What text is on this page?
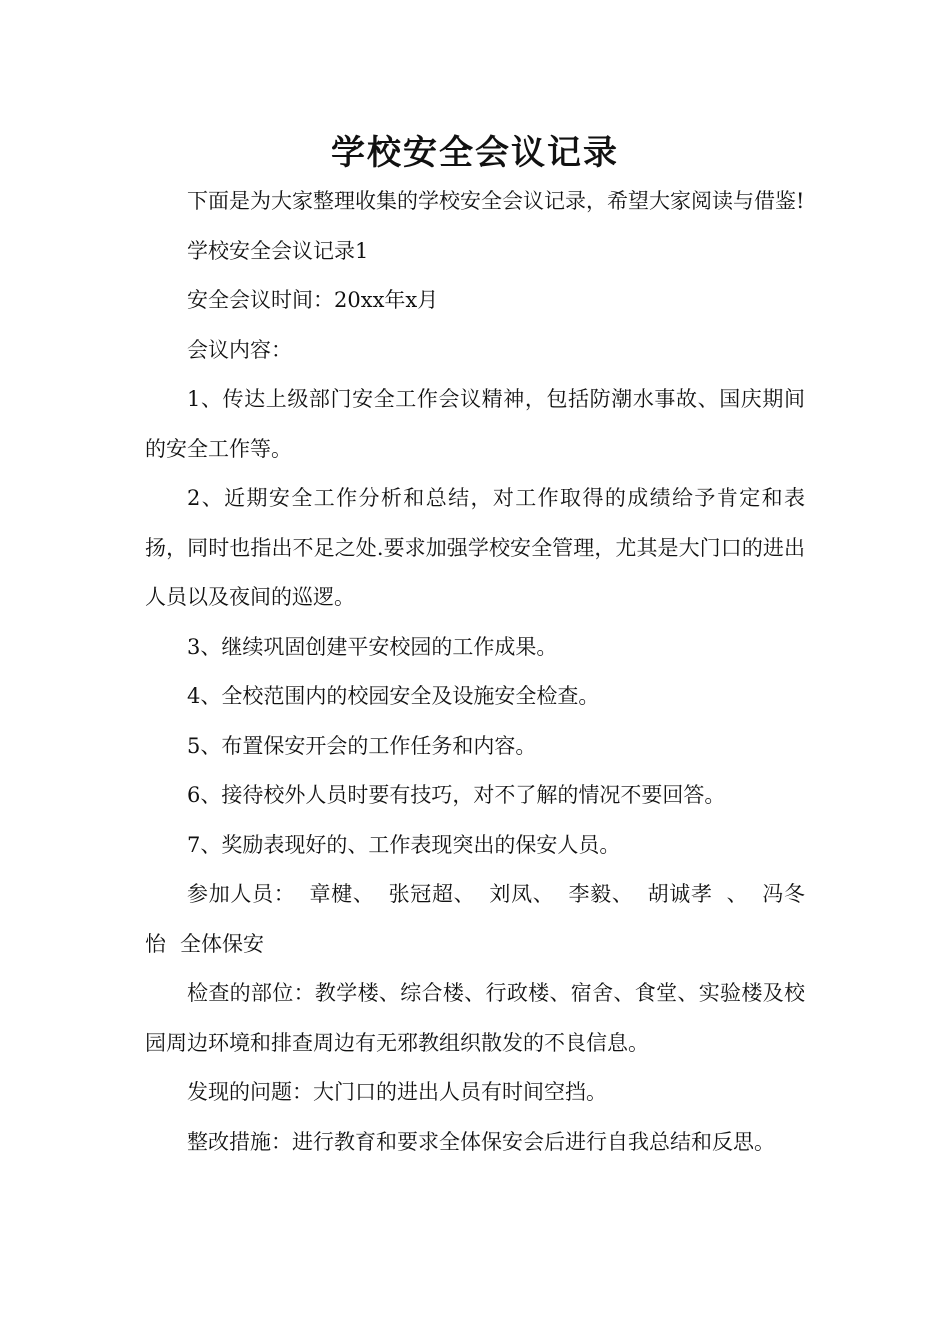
学校安全会议记录

下面是为大家整理收集的学校安全会议记录，希望大家阅读与借鉴!

学校安全会议记录1

安全会议时间：20xx年x月

会议内容：

1、传达上级部门安全工作会议精神，包括防潮水事故、国庆期间的安全工作等。

2、近期安全工作分析和总结，对工作取得的成绩给予肯定和表扬，同时也指出不足之处.要求加强学校安全管理，尤其是大门口的进出人员以及夜间的巡逻。

3、继续巩固创建平安校园的工作成果。

4、全校范围内的校园安全及设施安全检查。

5、布置保安开会的工作任务和内容。

6、接待校外人员时要有技巧，对不了解的情况不要回答。

7、奖励表现好的、工作表现突出的保安人员。

参加人员： 章楗、 张冠超、 刘凤、 李毅、 胡诚孝 、 冯冬怡 全体保安

检查的部位：教学楼、综合楼、行政楼、宿舍、食堂、实验楼及校园周边环境和排查周边有无邪教组织散发的不良信息。

发现的问题：大门口的进出人员有时间空挡。

整改措施：进行教育和要求全体保安会后进行自我总结和反思。
